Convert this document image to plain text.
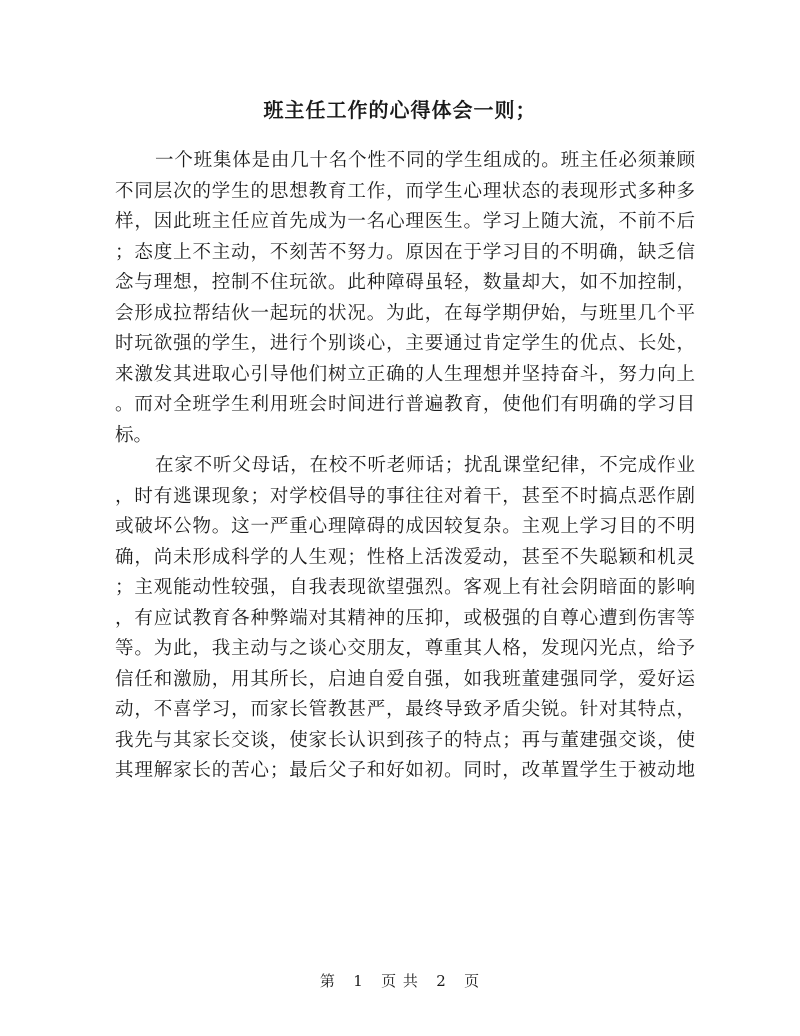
班主任工作的心得体会一则；
一个班集体是由几十名个性不同的学生组成的。班主任必须兼顾
不同层次的学生的思想教育工作，而学生心理状态的表现形式多种多
样，因此班主任应首先成为一名心理医生。学习上随大流，不前不后
；态度上不主动，不刻苦不努力。原因在于学习目的不明确，缺乏信
念与理想，控制不住玩欲。此种障碍虽轻，数量却大，如不加控制，
会形成拉帮结伙一起玩的状况。为此，在每学期伊始，与班里几个平
时玩欲强的学生，进行个别谈心，主要通过肯定学生的优点、长处，
来激发其进取心引导他们树立正确的人生理想并坚持奋斗，努力向上
。而对全班学生利用班会时间进行普遍教育，使他们有明确的学习目
标。
在家不听父母话，在校不听老师话；扰乱课堂纪律，不完成作业
，时有逃课现象；对学校倡导的事往往对着干，甚至不时搞点恶作剧
或破坏公物。这一严重心理障碍的成因较复杂。主观上学习目的不明
确，尚未形成科学的人生观；性格上活泼爱动，甚至不失聪颖和机灵
；主观能动性较强，自我表现欲望强烈。客观上有社会阴暗面的影响
，有应试教育各种弊端对其精神的压抑，或极强的自尊心遭到伤害等
等。为此，我主动与之谈心交朋友，尊重其人格，发现闪光点，给予
信任和激励，用其所长，启迪自爱自强，如我班董建强同学，爱好运
动，不喜学习，而家长管教甚严，最终导致矛盾尖锐。针对其特点，
我先与其家长交谈，使家长认识到孩子的特点；再与董建强交谈，使
其理解家长的苦心；最后父子和好如初。同时，改革置学生于被动地
第 1 页 共 2 页
